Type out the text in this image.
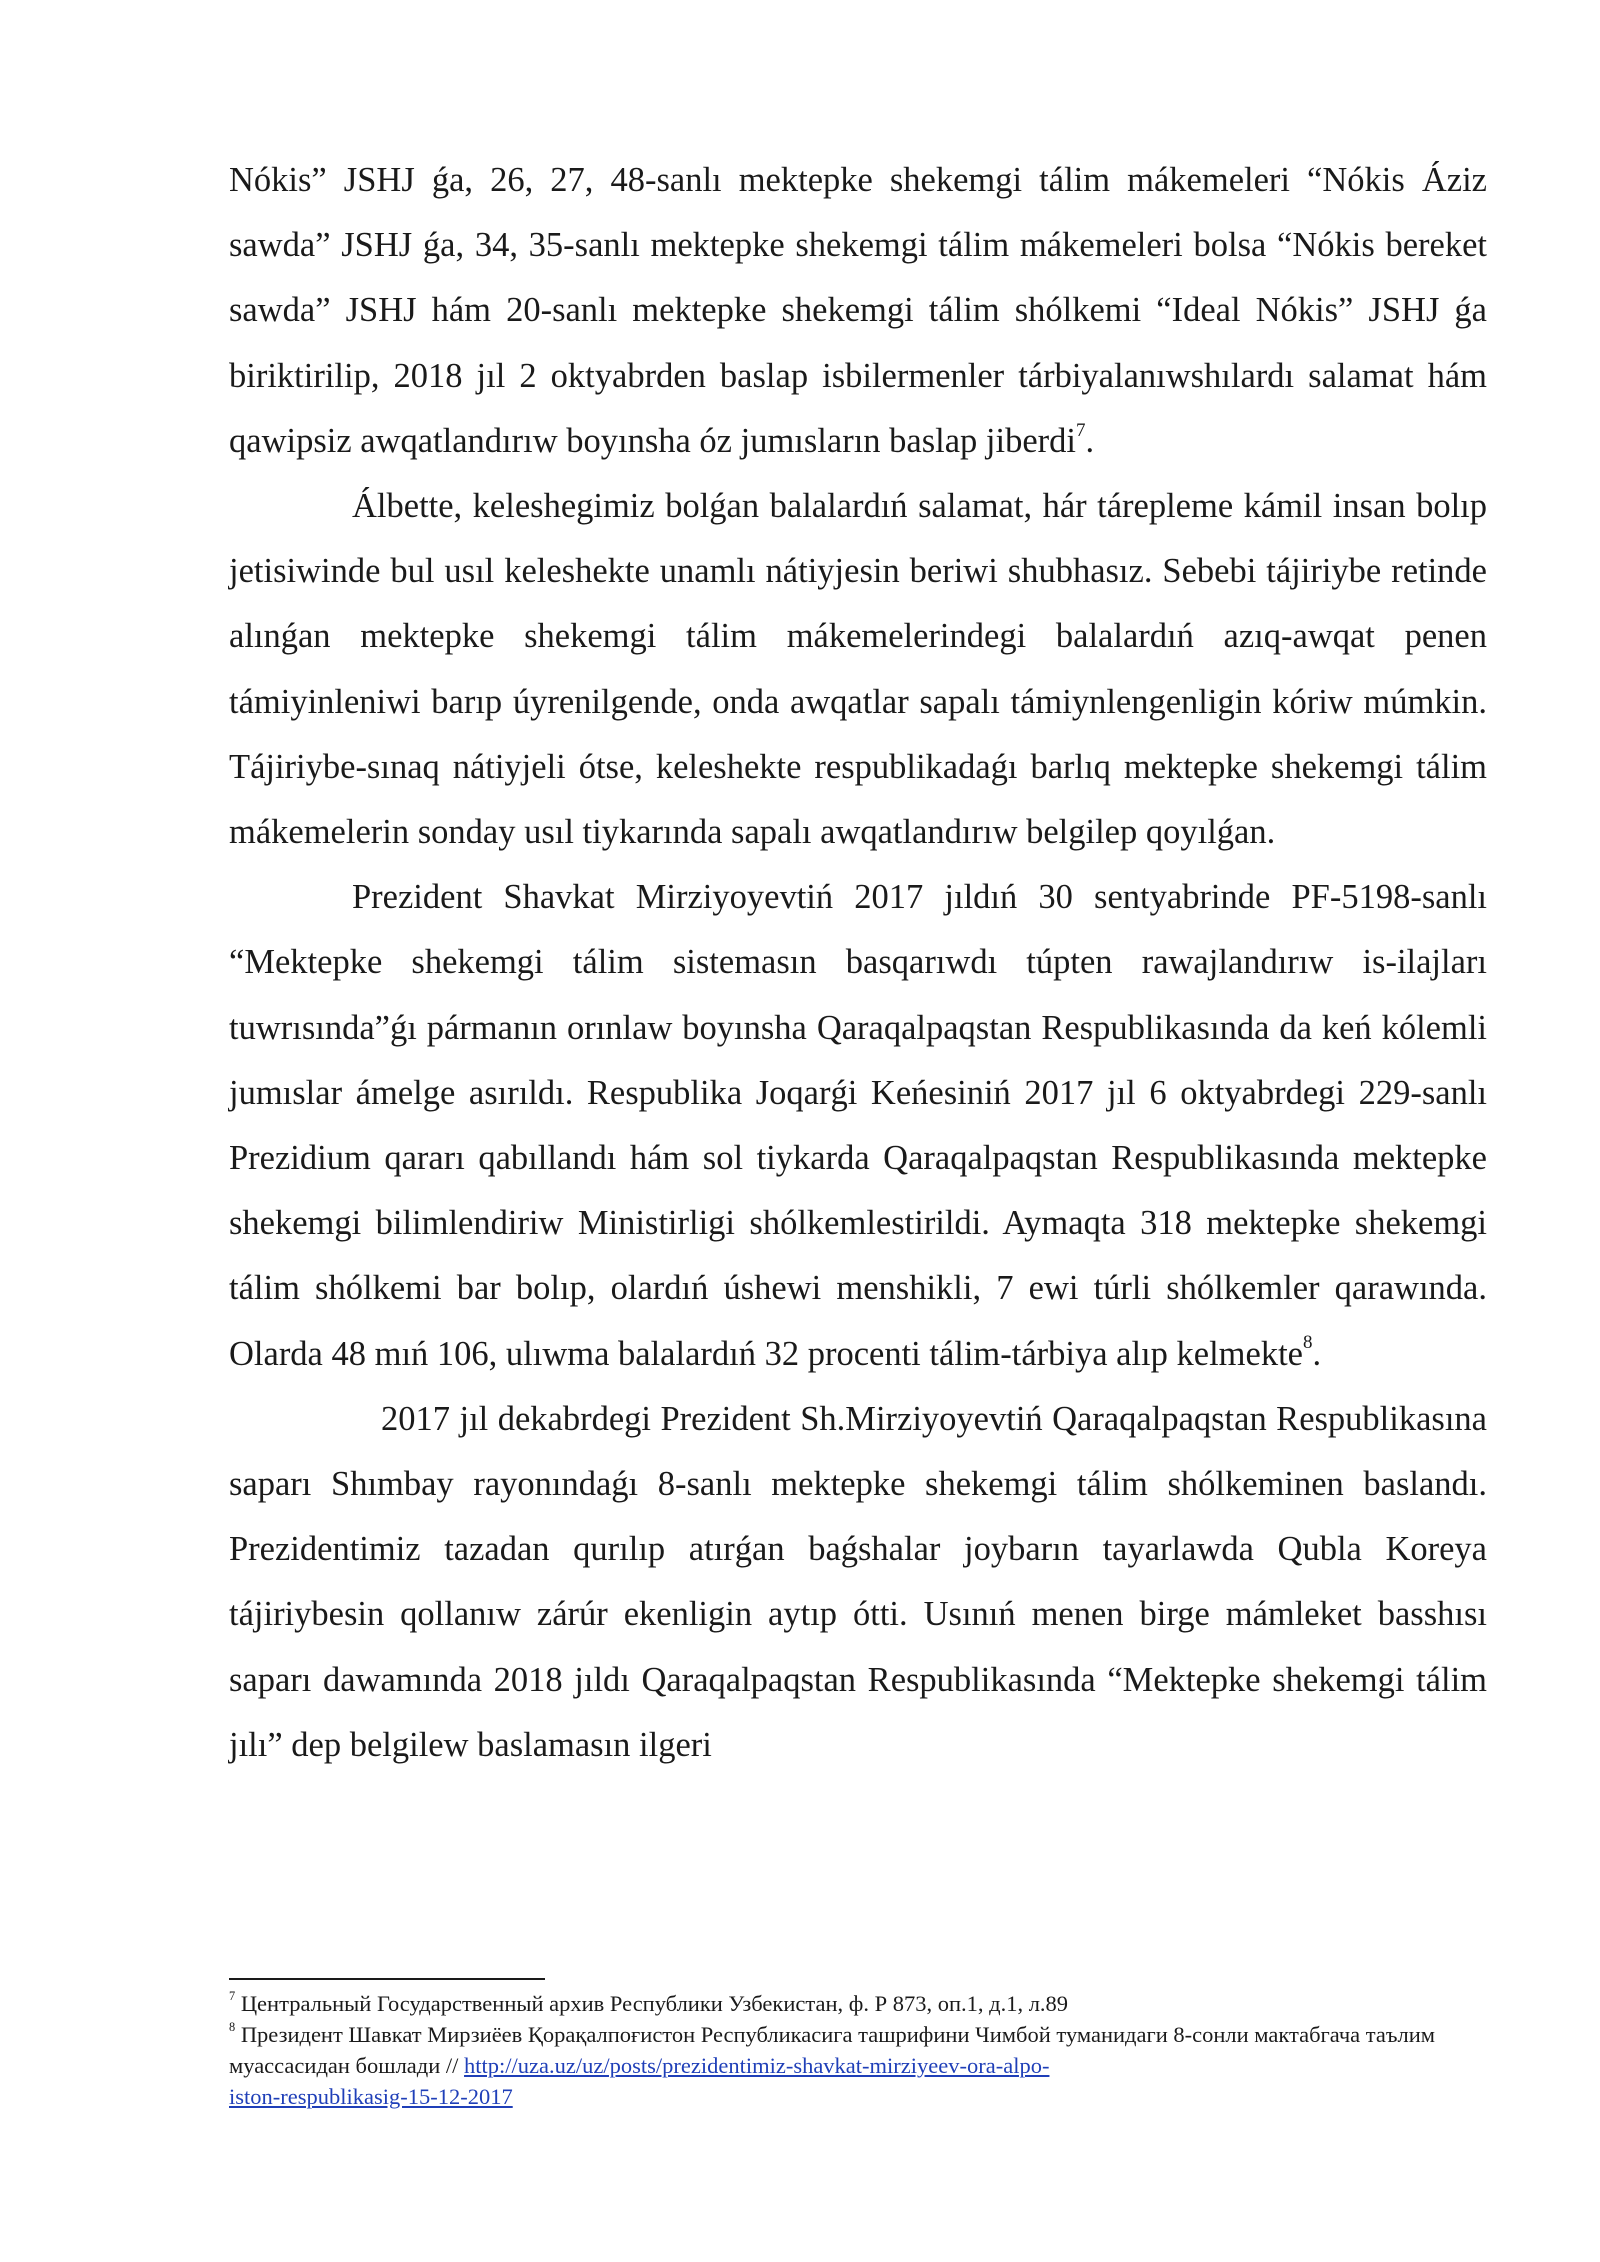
Nókis” JSHJ ǵa, 26, 27, 48-sanlı mektepke shekemgi tálim mákemeleri “Nókis Áziz sawda” JSHJ ǵa, 34, 35-sanlı mektepke shekemgi tálim mákemeleri bolsa “Nókis bereket sawda” JSHJ hám 20-sanlı mektepke shekemgi tálim shólkemi “Ideal Nókis” JSHJ ǵa biriktirilip, 2018 jıl 2 oktyabrden baslap isbilermenler tárbiyalanıwshılardı salamat hám qawipsiz awqatlandırıw boyınsha óz jumısların baslap jiberdi$^7$.

Álbette, keleshegimiz bolǵan balalardıń salamat, hár tárepleme kámil insan bolıp jetisiwinde bul usıl keleshekte unamlı nátiyjesin beriwi shubhasız. Sebebi tájiriybe retinde alınǵan mektepke shekemgi tálim mákemelerindegi balalardıń azıq-awqat penen támiyinleniwi barıp úyrenilgende, onda awqatlar sapalı támiynlengenligin kóriw múmkin. Tájiriybe-sınaq nátiyjeli ótse, keleshekte respublikadaǵı barlıq mektepke shekemgi tálim mákemelerin sonday usıl tiykarında sapalı awqatlandırıw belgilep qoyılǵan.

Prezident Shavkat Mirziyoyevtiń 2017 jıldıń 30 sentyabrinde PF-5198-sanlı “Mektepke shekemgi tálim sistemasın basqarıwdı túpten rawajlandırıw is-ilajları tuwrısında”ǵı pármanın orınlaw boyınsha Qaraqalpaqstan Respublikasında da keń kólemli jumıslar ámelge asırıldı. Respublika Joqarǵi Keńesiniń 2017 jıl 6 oktyabrdegi 229-sanlı Prezidium qararı qabıllandı hám sol tiykarda Qaraqalpaqstan Respublikasında mektepke shekemgi bilimlendiriw Ministirligi shólkemlestirildi. Aymaqta 318 mektepke shekemgi tálim shólkemi bar bolıp, olardıń úshewi menshikli, 7 ewi túrli shólkemler qarawında. Olarda 48 mıń 106, ulıwma balalardıń 32 procenti tálim-tárbiya alıp kelmekte$^8$.

2017 jıl dekabrdegi Prezident Sh.Mirziyoyevtiń Qaraqalpaqstan Respublikasına saparı Shımbay rayonındaǵı 8-sanlı mektepke shekemgi tálim shólkeminen baslandı. Prezidentimiz tazadan qurılıp atırǵan baǵshalar joybarın tayarlawda Qubla Koreya tájiriybesin qollanıw zárúr ekenligin aytıp ótti. Usınıń menen birge mámleket basshısı saparı dawamında 2018 jıldı Qaraqalpaqstan Respublikasında “Mektepke shekemgi tálim jılı” dep belgilew baslamasın ilgeri

$^7$ Центральный Государственный архив Республики Узбекистан, ф. Р 873, оп.1, д.1, л.89

$^8$ Президент Шавкат Мирзиёев Қорақалпоғистон Республикасига ташрифини Чимбой туманидаги 8-сонли мактабгача таълим муассасидан бошлади // http://uza.uz/uz/posts/prezidentimiz-shavkat-mirziyeev-ora-alpo-
iston-respublikasig-15-12-2017
